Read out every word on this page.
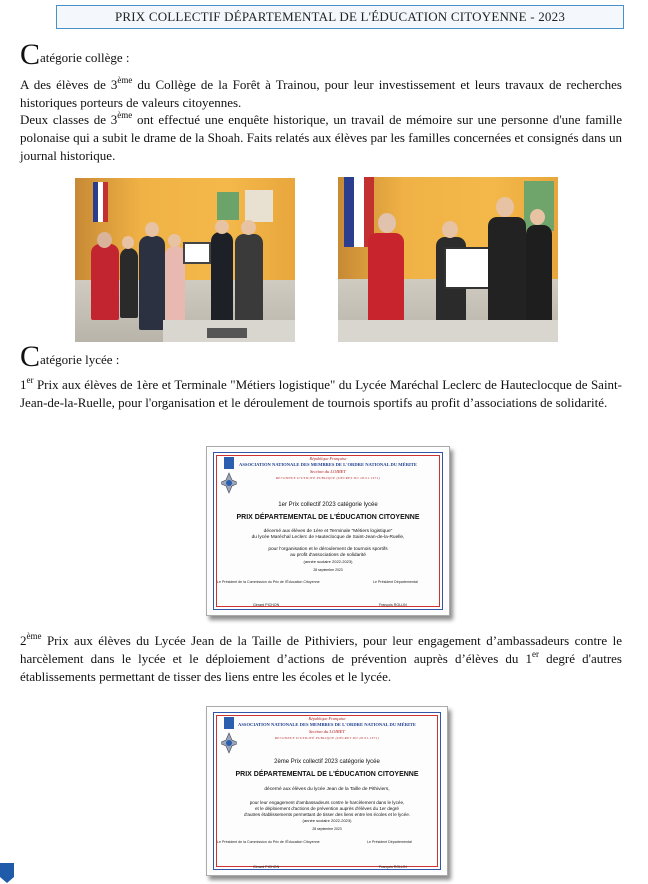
PRIX COLLECTIF DÉPARTEMENTAL DE L'ÉDUCATION CITOYENNE - 2023
Catégorie collège :
A des élèves de 3ème du Collège de la Forêt à Trainou, pour leur investissement et leurs travaux de recherches historiques porteurs de valeurs citoyennes.
Deux classes de 3ème ont effectué une enquête historique, un travail de mémoire sur une personne d'une famille polonaise qui a subit le drame de la Shoah. Faits relatés aux élèves par les familles concernées et consignés dans un journal historique.
Catégorie lycée :
1er Prix aux élèves de 1ère et Terminale "Métiers logistique" du Lycée Maréchal Leclerc de Hauteclocque de Saint-Jean-de-la-Ruelle, pour l'organisation et le déroulement de tournois sportifs au profit d’associations de solidarité.
République Française
ASSOCIATION NATIONALE DES MEMBRES DE L'ORDRE NATIONAL DU MÉRITE
Section du LOIRET
RECONNUE D'UTILITÉ PUBLIQUE (DÉCRET DU 28.01.1971)
1er Prix collectif 2023 catégorie lycée
PRIX DÉPARTEMENTAL DE L'ÉDUCATION CITOYENNE
décerné aux élèves de 1ère et Terminale "Métiers logistique"
du lycée Maréchal Leclerc de Hauteclocque de Saint-Jean-de-la-Ruelle,
pour l'organisation et le déroulement de tournois sportifs
au profit d'associations de solidarité
(année scolaire 2022-2023)
28 septembre 2023
Le Président de la Commission du Prix de l'Éducation Citoyenne	Le Président Départemental
Gérard PICHON	François ROLLIN
2ème Prix aux élèves du Lycée Jean de la Taille de Pithiviers, pour leur engagement d’ambassadeurs contre le harcèlement dans le lycée et le déploiement d’actions de prévention auprès d’élèves du 1er degré d'autres établissements permettant de tisser des liens entre les écoles et le lycée.
République Française
ASSOCIATION NATIONALE DES MEMBRES DE L'ORDRE NATIONAL DU MÉRITE
Section du LOIRET
RECONNUE D'UTILITÉ PUBLIQUE (DÉCRET DU 28.01.1971)
2ème Prix collectif 2023 catégorie lycée
PRIX DÉPARTEMENTAL DE L'ÉDUCATION CITOYENNE
décerné aux élèves du lycée Jean de la Taille de Pithiviers,
pour leur engagement d'ambassadeurs contre le harcèlement dans le lycée,
et le déploiement d'actions de prévention auprès d'élèves du 1er degré
d'autres établissements permettant de tisser des liens entre les écoles et le lycée.
(année scolaire 2022-2023)
28 septembre 2023
Le Président de la Commission du Prix de l'Éducation Citoyenne	Le Président Départemental
Gérard PICHON	François ROLLIN
